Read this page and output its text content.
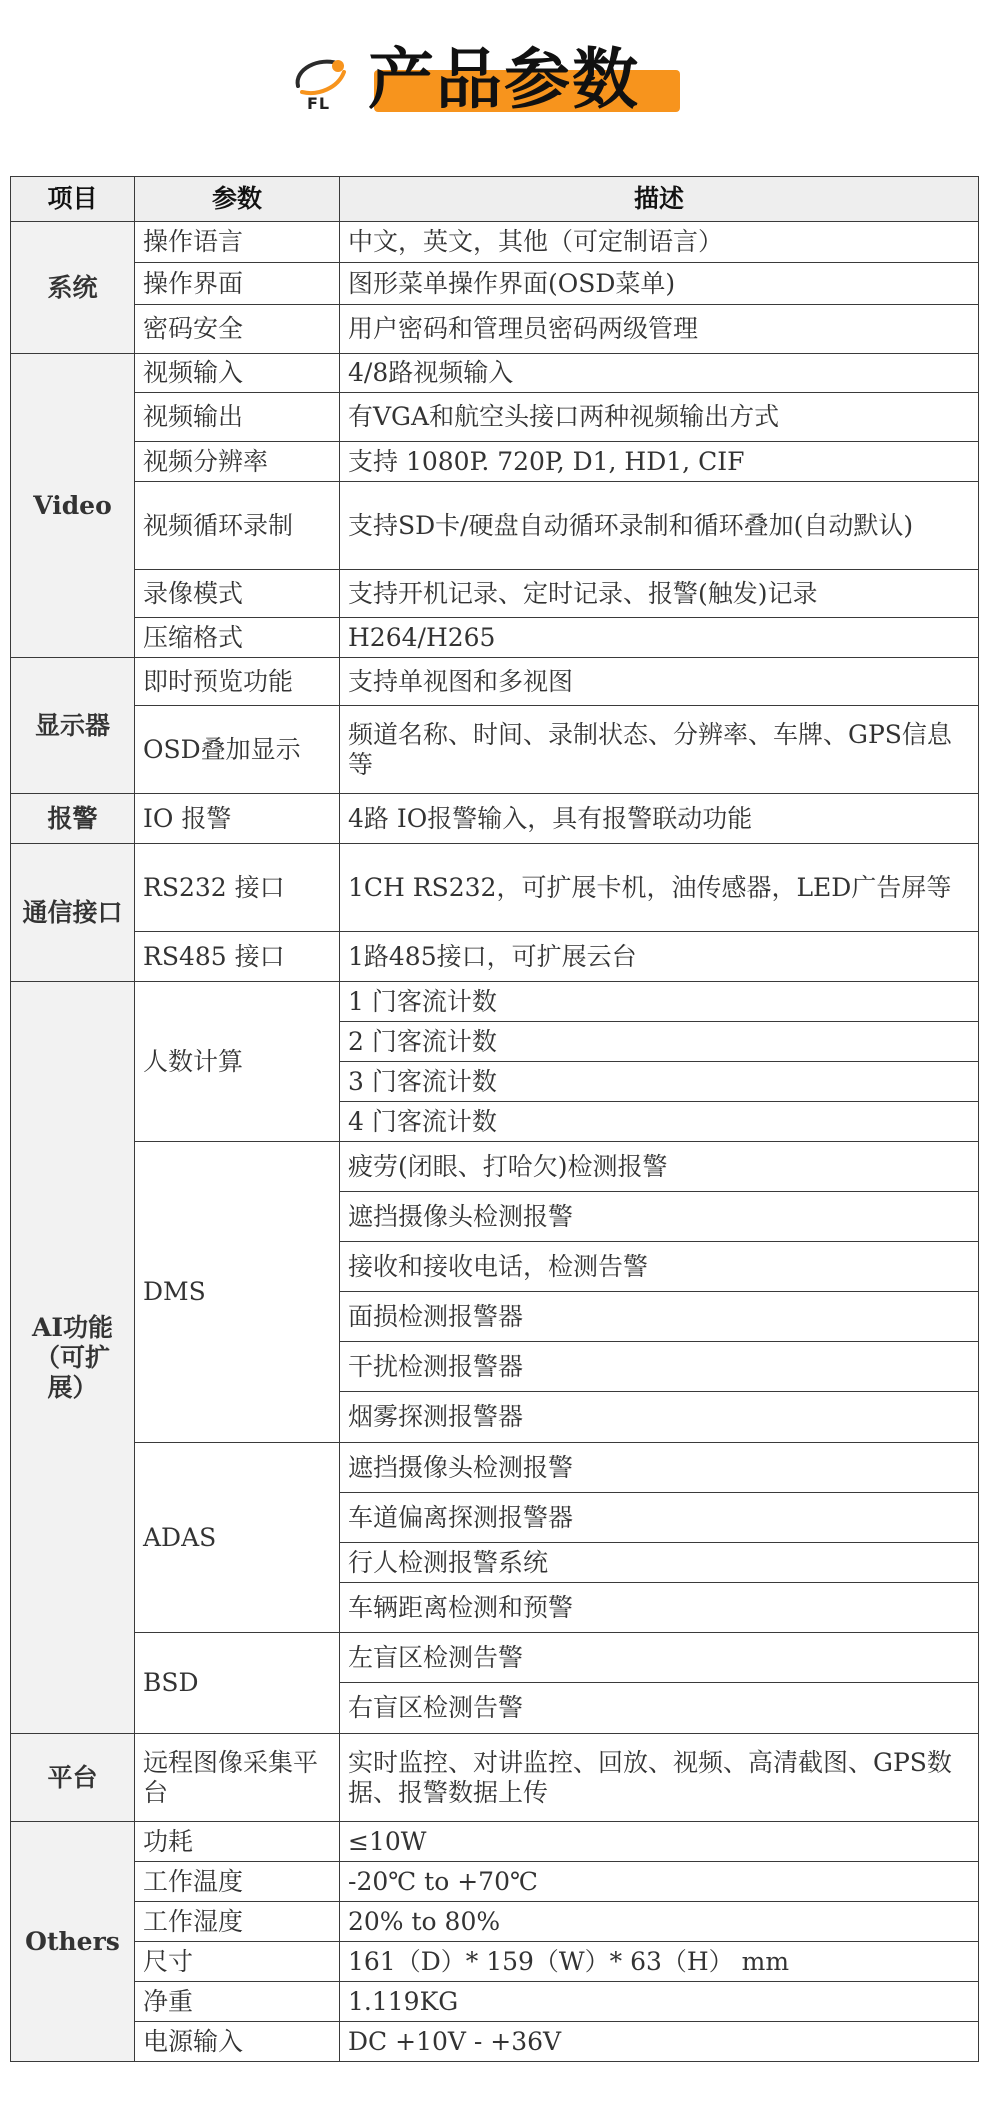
FL 产品参数
项目	参数	描述
系统	操作语言	中文，英文，其他（可定制语言）
	操作界面	图形菜单操作界面(OSD菜单)
	密码安全	用户密码和管理员密码两级管理
Video	视频输入	4/8路视频输入
	视频输出	有VGA和航空头接口两种视频输出方式
	视频分辨率	支持 1080P. 720P, D1, HD1, CIF
	视频循环录制	支持SD卡/硬盘自动循环录制和循环叠加(自动默认)
	录像模式	支持开机记录、定时记录、报警(触发)记录
	压缩格式	H264/H265
显示器	即时预览功能	支持单视图和多视图
	OSD叠加显示	频道名称、时间、录制状态、分辨率、车牌、GPS信息等
报警	IO 报警	4路 IO报警输入，具有报警联动功能
通信接口	RS232 接口	1CH RS232，可扩展卡机，油传感器，LED广告屏等
	RS485 接口	1路485接口，可扩展云台
AI功能（可扩展）	人数计算	1 门客流计数
		2 门客流计数
		3 门客流计数
		4 门客流计数
	DMS	疲劳(闭眼、打哈欠)检测报警
		遮挡摄像头检测报警
		接收和接收电话，检测告警
		面损检测报警器
		干扰检测报警器
		烟雾探测报警器
	ADAS	遮挡摄像头检测报警
		车道偏离探测报警器
		行人检测报警系统
		车辆距离检测和预警
	BSD	左盲区检测告警
		右盲区检测告警
平台	远程图像采集平台	实时监控、对讲监控、回放、视频、高清截图、GPS数据、报警数据上传
Others	功耗	≤10W
	工作温度	-20℃ to +70℃
	工作湿度	20% to 80%
	尺寸	161（D）* 159（W）* 63（H） mm
	净重	1.119KG
	电源输入	DC +10V - +36V
